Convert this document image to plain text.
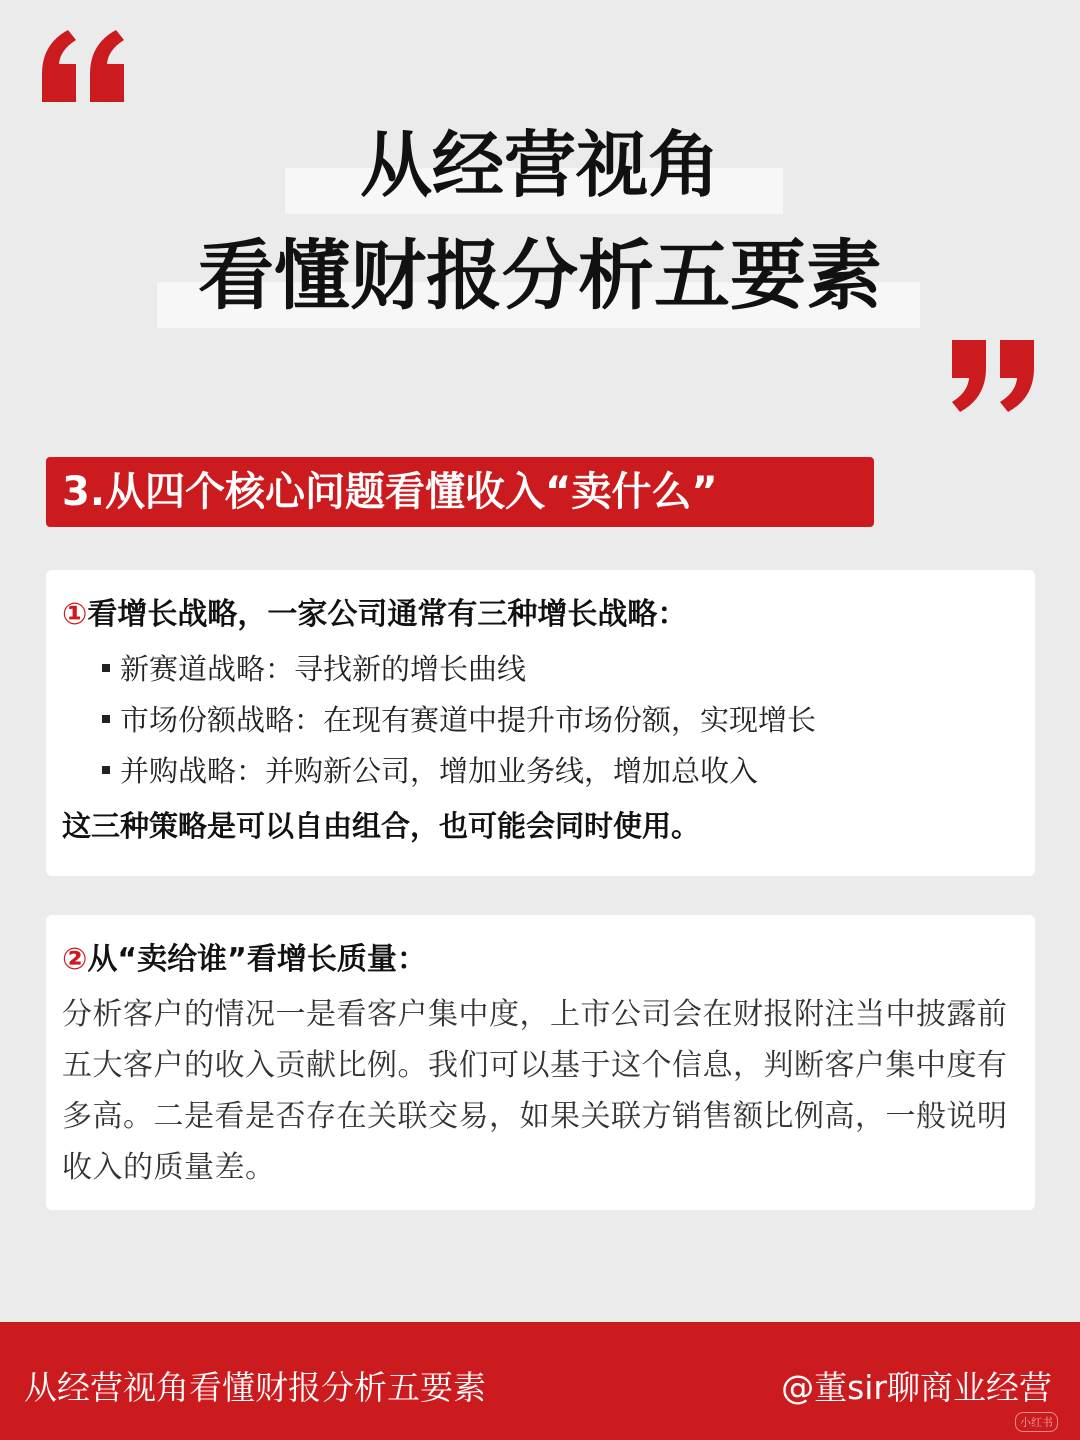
从经营视角
看懂财报分析五要素
3.从四个核心问题看懂收入“卖什么”
①看增长战略，一家公司通常有三种增长战略：
新赛道战略：寻找新的增长曲线
市场份额战略：在现有赛道中提升市场份额，实现增长
并购战略：并购新公司，增加业务线，增加总收入
这三种策略是可以自由组合，也可能会同时使用。
②从“卖给谁”看增长质量：
分析客户的情况一是看客户集中度，上市公司会在财报附注当中披露前五大客户的收入贡献比例。我们可以基于这个信息，判断客户集中度有多高。二是看是否存在关联交易，如果关联方销售额比例高，一般说明收入的质量差。
从经营视角看懂财报分析五要素	@董sir聊商业经营
小红书
